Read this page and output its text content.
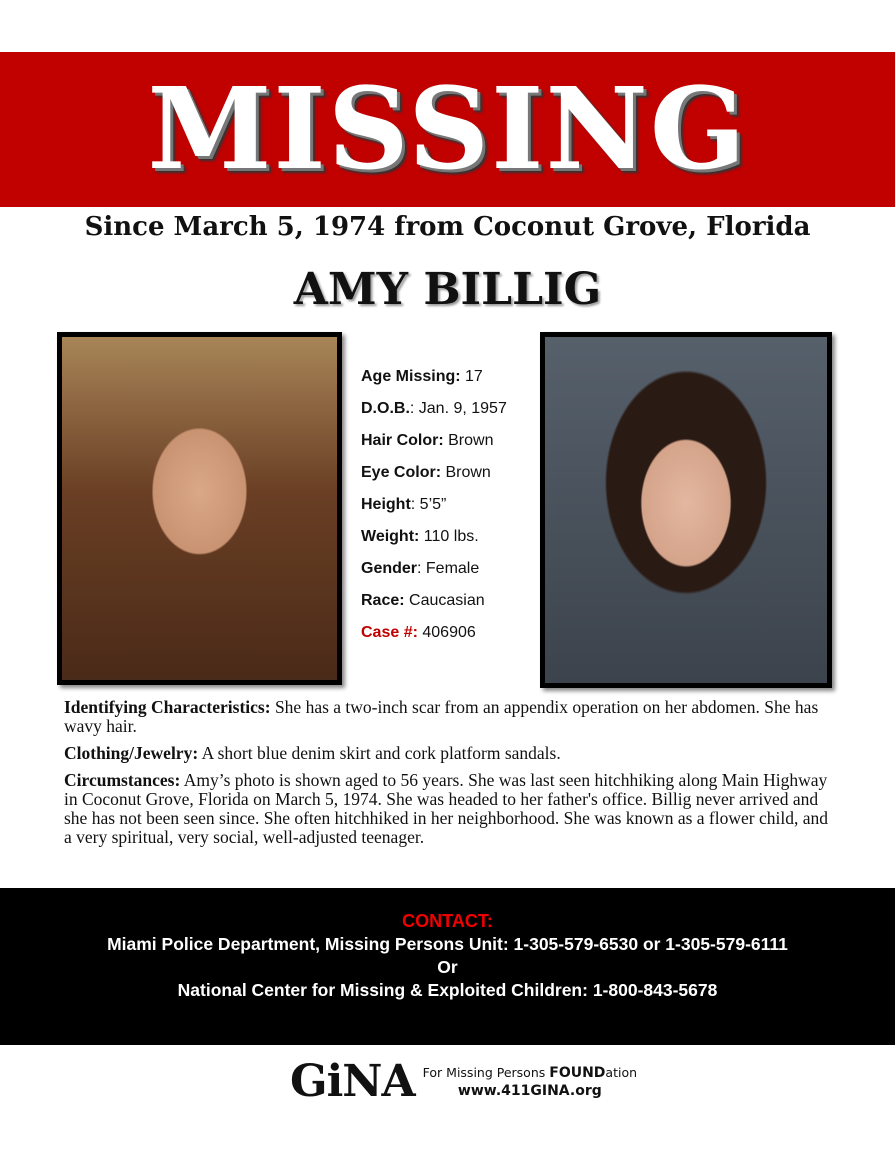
MISSING
Since March 5, 1974 from Coconut Grove, Florida
AMY BILLIG
Age Missing: 17
D.O.B.: Jan. 9, 1957
Hair Color: Brown
Eye Color: Brown
Height: 5’5”
Weight: 110 lbs.
Gender: Female
Race: Caucasian
Case #: 406906

Identifying Characteristics: She has a two-inch scar from an appendix operation on her abdomen. She has wavy hair.

Clothing/Jewelry: A short blue denim skirt and cork platform sandals.

Circumstances: Amy’s photo is shown aged to 56 years. She was last seen hitchhiking along Main Highway in Coconut Grove, Florida on March 5, 1974. She was headed to her father's office. Billig never arrived and she has not been seen since. She often hitchhiked in her neighborhood. She was known as a flower child, and a very spiritual, very social, well-adjusted teenager.

CONTACT:
Miami Police Department, Missing Persons Unit: 1-305-579-6530 or 1-305-579-6111
Or
National Center for Missing & Exploited Children: 1-800-843-5678
GiNA For Missing Persons FOUNDation
www.411GINA.org
